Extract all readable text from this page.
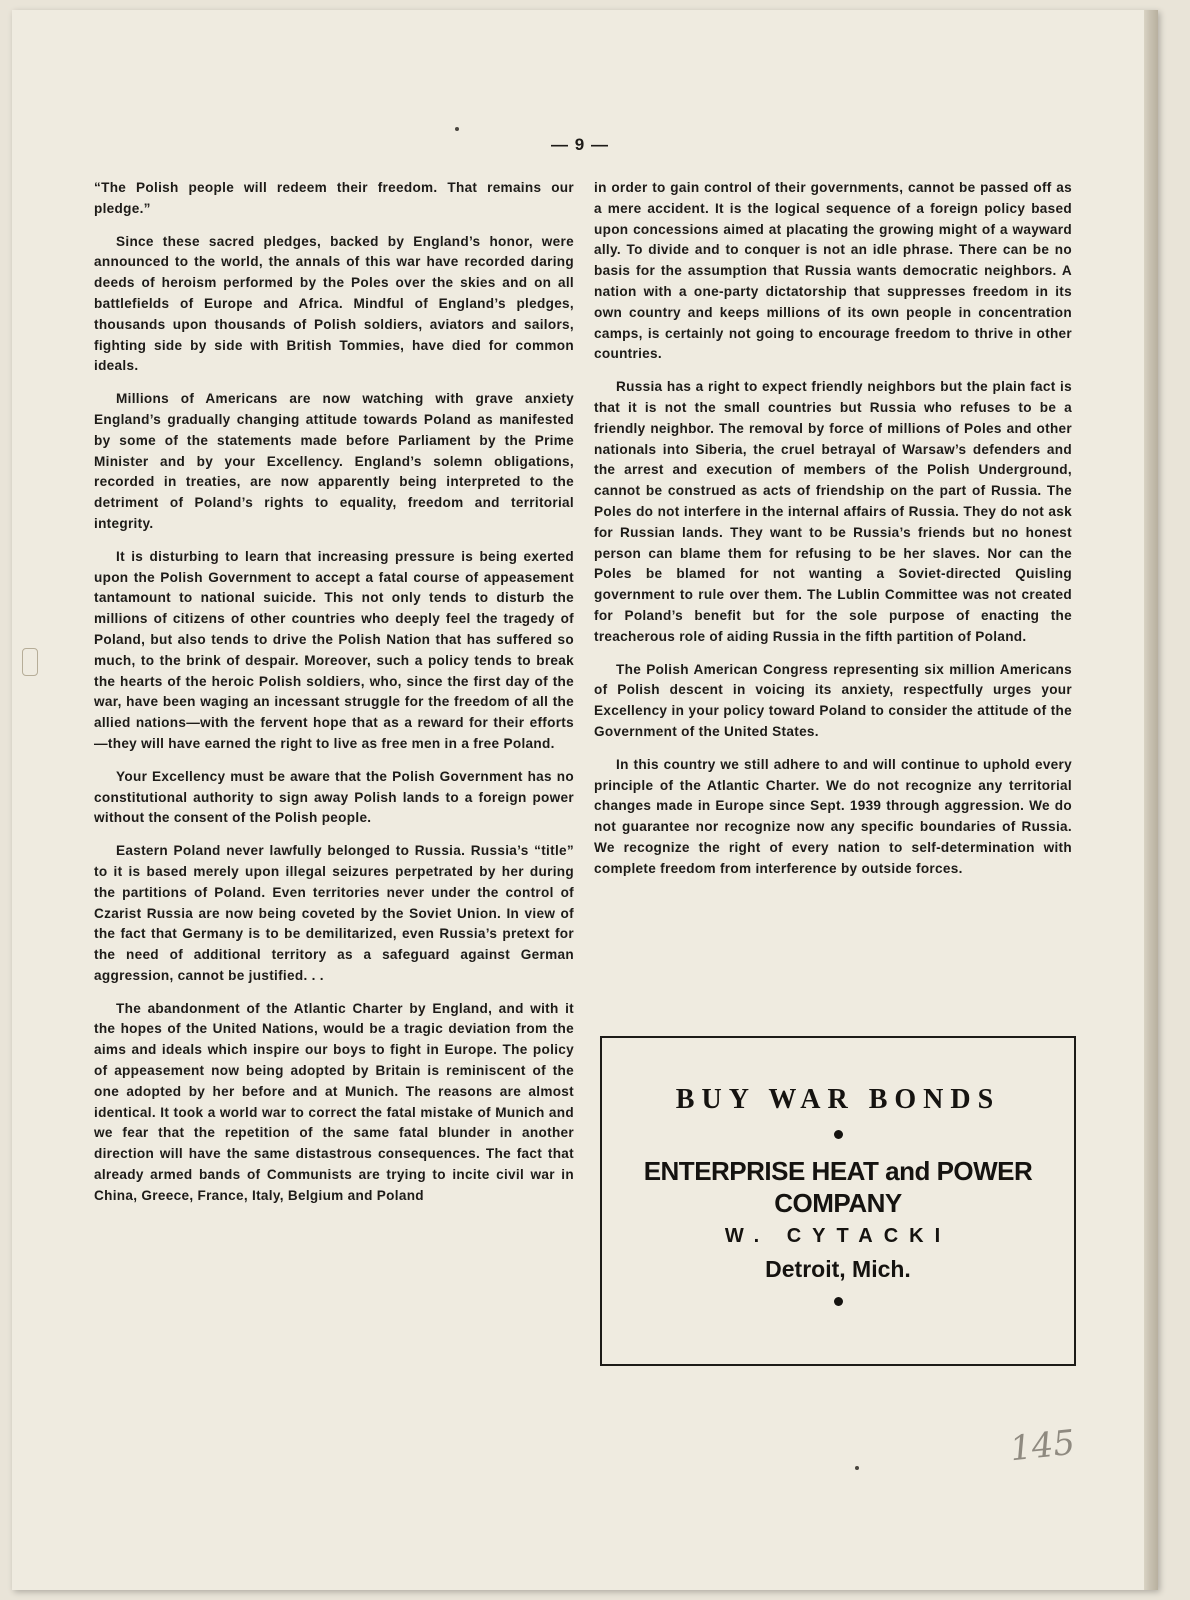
— 9 —

“The Polish people will redeem their freedom. That remains our pledge.”

Since these sacred pledges, backed by England’s honor, were announced to the world, the annals of this war have recorded daring deeds of heroism performed by the Poles over the skies and on all battlefields of Europe and Africa. Mindful of England’s pledges, thousands upon thousands of Polish soldiers, aviators and sailors, fighting side by side with British Tommies, have died for common ideals.

Millions of Americans are now watching with grave anxiety England’s gradually changing attitude towards Poland as manifested by some of the statements made before Parliament by the Prime Minister and by your Excellency. England’s solemn obligations, recorded in treaties, are now apparently being interpreted to the detriment of Poland’s rights to equality, freedom and territorial integrity.

It is disturbing to learn that increasing pressure is being exerted upon the Polish Government to accept a fatal course of appeasement tantamount to national suicide. This not only tends to disturb the millions of citizens of other countries who deeply feel the tragedy of Poland, but also tends to drive the Polish Nation that has suffered so much, to the brink of despair. Moreover, such a policy tends to break the hearts of the heroic Polish soldiers, who, since the first day of the war, have been waging an incessant struggle for the freedom of all the allied nations—with the fervent hope that as a reward for their efforts—they will have earned the right to live as free men in a free Poland.

Your Excellency must be aware that the Polish Government has no constitutional authority to sign away Polish lands to a foreign power without the consent of the Polish people.

Eastern Poland never lawfully belonged to Russia. Russia’s “title” to it is based merely upon illegal seizures perpetrated by her during the partitions of Poland. Even territories never under the control of Czarist Russia are now being coveted by the Soviet Union. In view of the fact that Germany is to be demilitarized, even Russia’s pretext for the need of additional territory as a safeguard against German aggression, cannot be justified. . .

The abandonment of the Atlantic Charter by England, and with it the hopes of the United Nations, would be a tragic deviation from the aims and ideals which inspire our boys to fight in Europe. The policy of appeasement now being adopted by Britain is reminiscent of the one adopted by her before and at Munich. The reasons are almost identical. It took a world war to correct the fatal mistake of Munich and we fear that the repetition of the same fatal blunder in another direction will have the same distastrous consequences. The fact that already armed bands of Communists are trying to incite civil war in China, Greece, France, Italy, Belgium and Poland

in order to gain control of their governments, cannot be passed off as a mere accident. It is the logical sequence of a foreign policy based upon concessions aimed at placating the growing might of a wayward ally. To divide and to conquer is not an idle phrase. There can be no basis for the assumption that Russia wants democratic neighbors. A nation with a one-party dictatorship that suppresses freedom in its own country and keeps millions of its own people in concentration camps, is certainly not going to encourage freedom to thrive in other countries.

Russia has a right to expect friendly neighbors but the plain fact is that it is not the small countries but Russia who refuses to be a friendly neighbor. The removal by force of millions of Poles and other nationals into Siberia, the cruel betrayal of Warsaw’s defenders and the arrest and execution of members of the Polish Underground, cannot be construed as acts of friendship on the part of Russia. The Poles do not interfere in the internal affairs of Russia. They do not ask for Russian lands. They want to be Russia’s friends but no honest person can blame them for refusing to be her slaves. Nor can the Poles be blamed for not wanting a Soviet-directed Quisling government to rule over them. The Lublin Committee was not created for Poland’s benefit but for the sole purpose of enacting the treacherous role of aiding Russia in the fifth partition of Poland.

The Polish American Congress representing six million Americans of Polish descent in voicing its anxiety, respectfully urges your Excellency in your policy toward Poland to consider the attitude of the Government of the United States.

In this country we still adhere to and will continue to uphold every principle of the Atlantic Charter. We do not recognize any territorial changes made in Europe since Sept. 1939 through aggression. We do not guarantee nor recognize now any specific boundaries of Russia. We recognize the right of every nation to self-determination with complete freedom from interference by outside forces.

BUY WAR BONDS
ENTERPRISE HEAT and POWER COMPANY
W. CYTACKI
Detroit, Mich.
145
